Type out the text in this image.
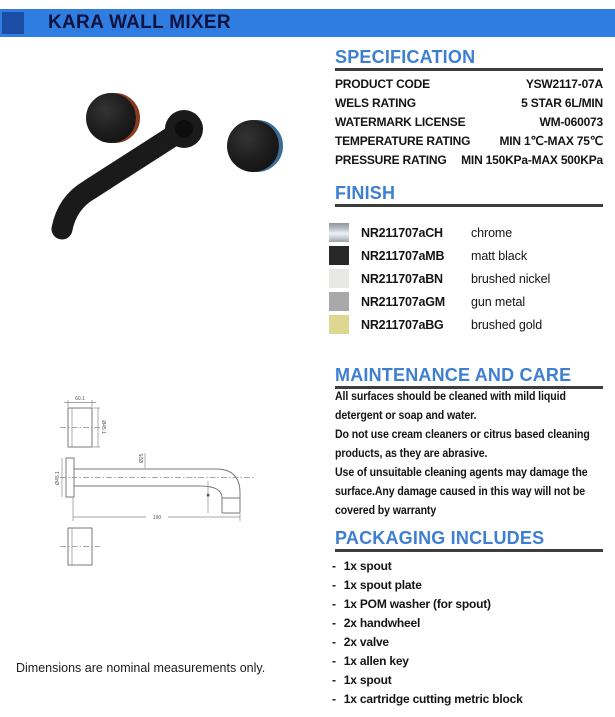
KARA WALL MIXER
60.1
Ø45.1
Ø25
Ø45.1
190
SPECIFICATION
PRODUCT CODE	YSW2117-07A
WELS RATING	5 STAR 6L/MIN
WATERMARK LICENSE	WM-060073
TEMPERATURE RATING MIN 1℃-MAX 75℃
PRESSURE RATING MIN 150KPa-MAX 500KPa
FINISH
NR211707aCH	chrome
NR211707aMB	matt black
NR211707aBN	brushed nickel
NR211707aGM	gun metal
NR211707aBG	brushed gold
MAINTENANCE AND CARE
All surfaces should be cleaned with mild liquid
detergent or soap and water.
Do not use cream cleaners or citrus based cleaning
products, as they are abrasive.
Use of unsuitable cleaning agents may damage the
surface.Any damage caused in this way will not be
covered by warranty
PACKAGING INCLUDES
- 1x spout
- 1x spout plate
- 1x POM washer (for spout)
- 2x handwheel
- 2x valve
- 1x allen key
- 1x spout
- 1x cartridge cutting metric block
Dimensions are nominal measurements only.
